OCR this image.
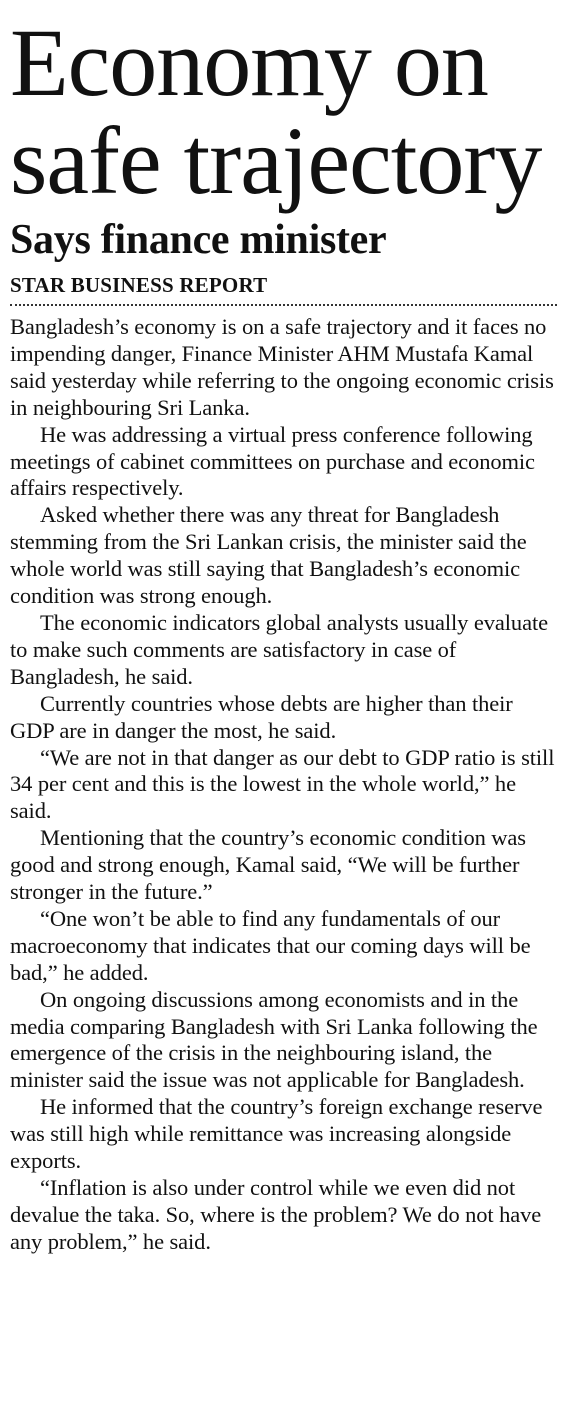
Economy on
safe trajectory
Says finance minister
STAR BUSINESS REPORT

Bangladesh’s economy is on a safe trajectory and it faces no impending danger, Finance Minister AHM Mustafa Kamal said yesterday while referring to the ongoing economic crisis in neighbouring Sri Lanka.

He was addressing a virtual press conference following meetings of cabinet committees on purchase and economic affairs respectively.

Asked whether there was any threat for Bangladesh stemming from the Sri Lankan crisis, the minister said the whole world was still saying that Bangladesh’s economic condition was strong enough.

The economic indicators global analysts usually evaluate to make such comments are satisfactory in case of Bangladesh, he said.

Currently countries whose debts are higher than their GDP are in danger the most, he said.

“We are not in that danger as our debt to GDP ratio is still 34 per cent and this is the lowest in the whole world,” he said.

Mentioning that the country’s economic condition was good and strong enough, Kamal said, “We will be further stronger in the future.”

“One won’t be able to find any fundamentals of our macroeconomy that indicates that our coming days will be bad,” he added.

On ongoing discussions among economists and in the media comparing Bangladesh with Sri Lanka following the emergence of the crisis in the neighbouring island, the minister said the issue was not applicable for Bangladesh.

He informed that the country’s foreign exchange reserve was still high while remittance was increasing alongside exports.

“Inflation is also under control while we even did not devalue the taka. So, where is the problem? We do not have any problem,” he said.
